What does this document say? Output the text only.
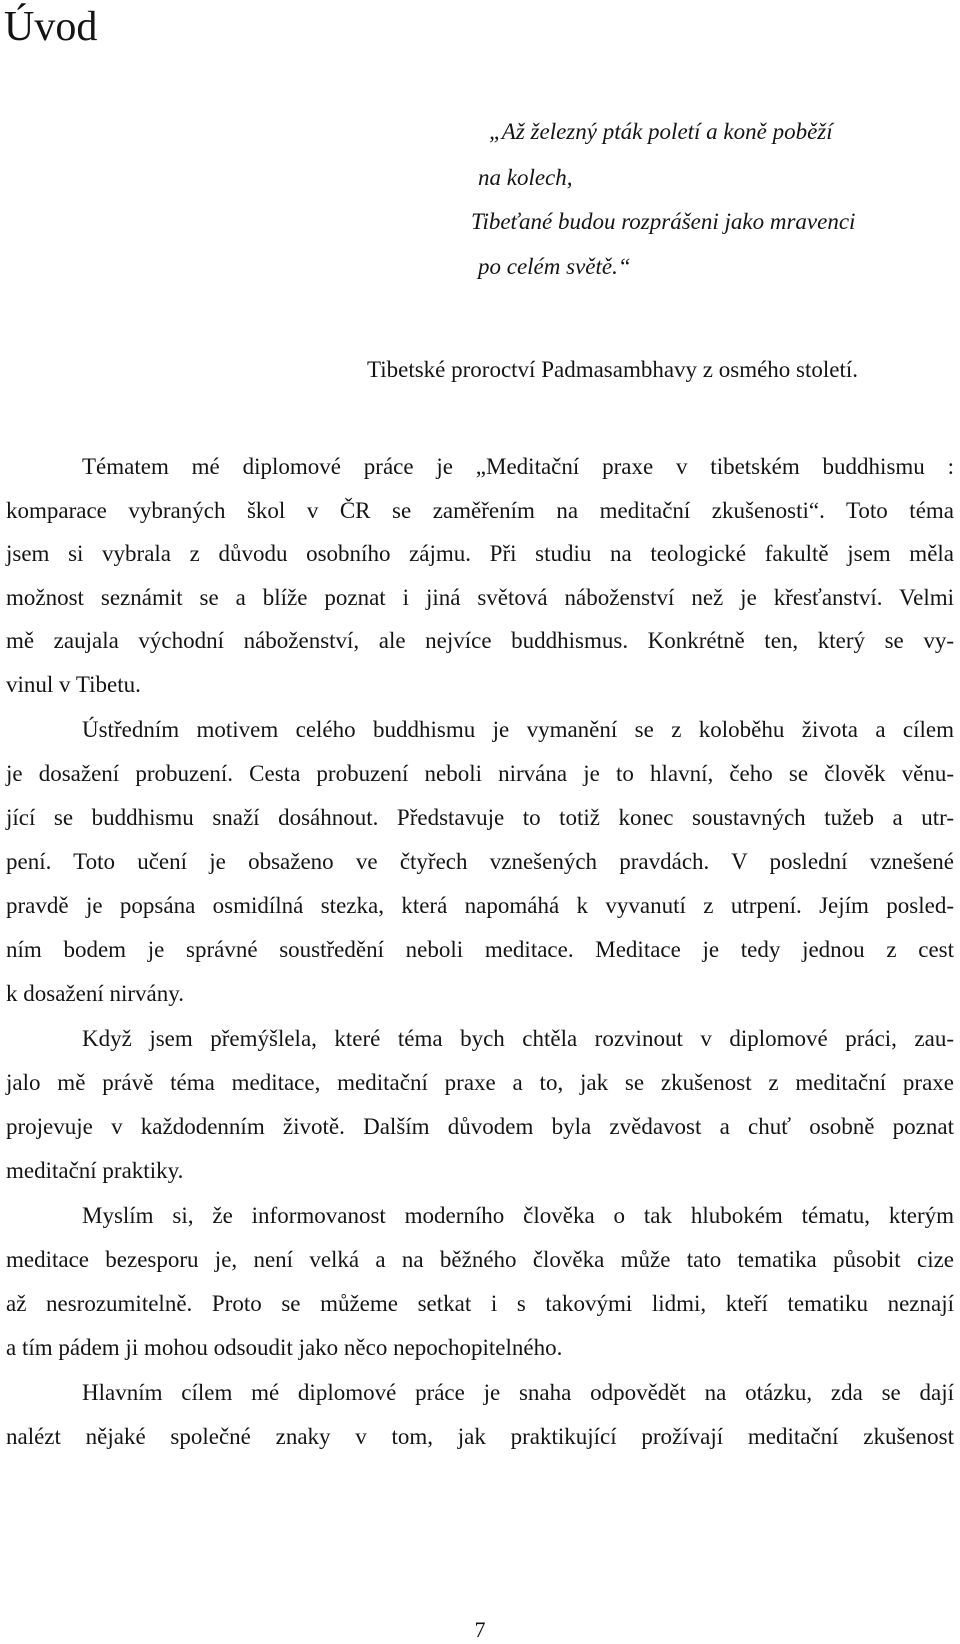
Úvod
„Až železný pták poletí a koně poběží
na kolech,
Tibeťané budou rozprášeni jako mravenci
po celém světě.“
Tibetské proroctví Padmasambhavy z osmého století.
Tématem mé diplomové práce je „Meditační praxe v tibetském buddhismu :
komparace vybraných škol v ČR se zaměřením na meditační zkušenosti“. Toto téma
jsem si vybrala z důvodu osobního zájmu. Při studiu na teologické fakultě jsem měla
možnost seznámit se a blíže poznat i jiná světová náboženství než je křesťanství. Velmi
mě zaujala východní náboženství, ale nejvíce buddhismus. Konkrétně ten, který se vy-
vinul v Tibetu.
Ústředním motivem celého buddhismu je vymanění se z koloběhu života a cílem
je dosažení probuzení. Cesta probuzení neboli nirvána je to hlavní, čeho se člověk věnu-
jící se buddhismu snaží dosáhnout. Představuje to totiž konec soustavných tužeb a utr-
pení. Toto učení je obsaženo ve čtyřech vznešených pravdách. V poslední vznešené
pravdě je popsána osmidílná stezka, která napomáhá k vyvanutí z utrpení. Jejím posled-
ním bodem je správné soustředění neboli meditace. Meditace je tedy jednou z cest
k dosažení nirvány.
Když jsem přemýšlela, které téma bych chtěla rozvinout v diplomové práci, zau-
jalo mě právě téma meditace, meditační praxe a to, jak se zkušenost z meditační praxe
projevuje v každodenním životě. Dalším důvodem byla zvědavost a chuť osobně poznat
meditační praktiky.
Myslím si, že informovanost moderního člověka o tak hlubokém tématu, kterým
meditace bezesporu je, není velká a na běžného člověka může tato tematika působit cize
až nesrozumitelně. Proto se můžeme setkat i s takovými lidmi, kteří tematiku neznají
a tím pádem ji mohou odsoudit jako něco nepochopitelného.
Hlavním cílem mé diplomové práce je snaha odpovědět na otázku, zda se dají
nalézt nějaké společné znaky v tom, jak praktikující prožívají meditační zkušenost
7
